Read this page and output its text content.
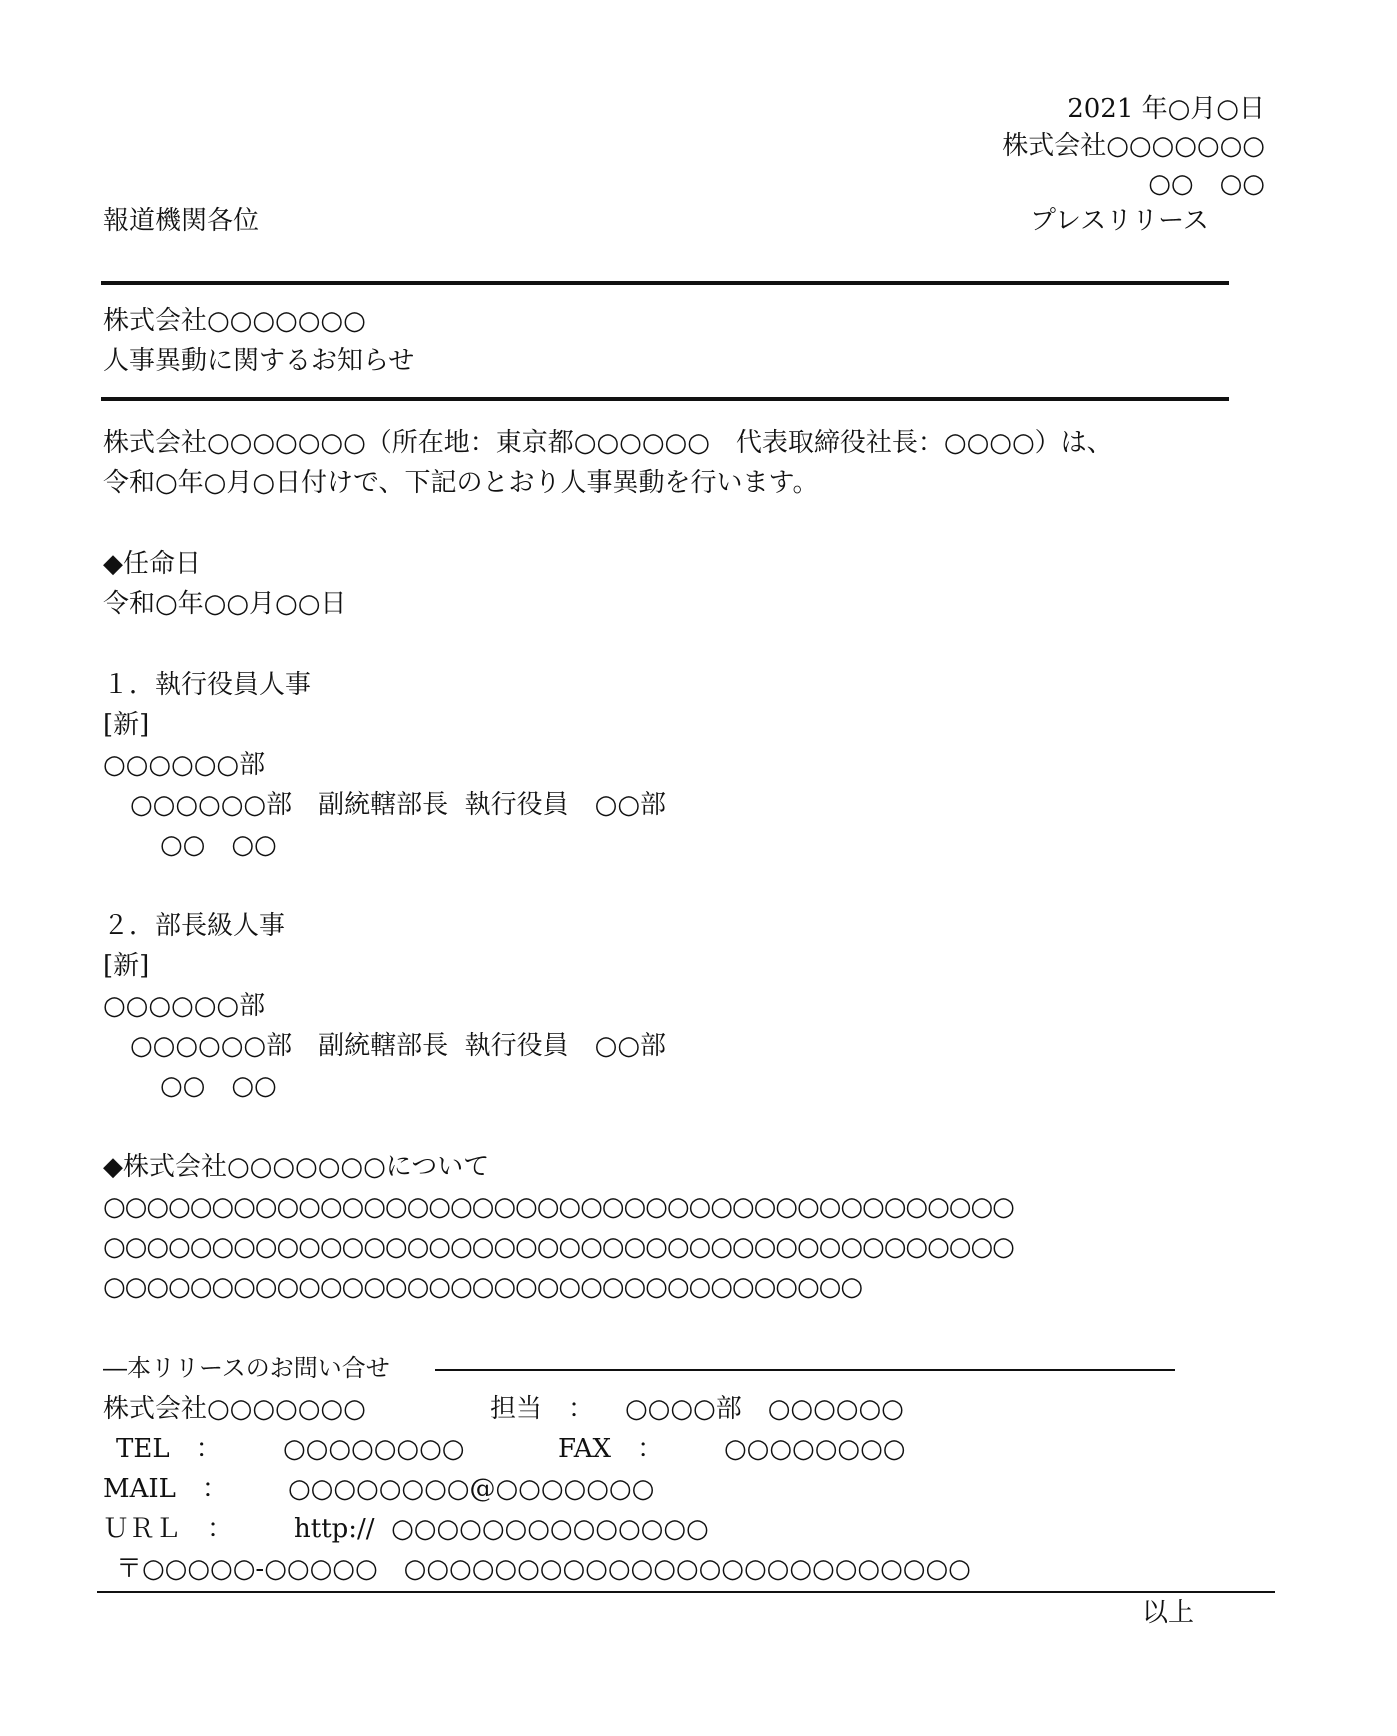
2021 年○月○日
株式会社○○○○○○○
○○　○○
報道機関各位	プレスリリース
株式会社○○○○○○○
人事異動に関するお知らせ
株式会社○○○○○○○（所在地：東京都○○○○○○　代表取締役社長：○○○○）は、
令和○年○月○日付けで、下記のとおり人事異動を行います。
◆任命日
令和○年○○月○○日
１．執行役員人事
[新]
○○○○○○部
○○○○○○部　副統轄部長  執行役員　○○部
○○　○○
２．部長級人事
[新]
○○○○○○部
○○○○○○部　副統轄部長  執行役員　○○部
○○　○○
◆株式会社○○○○○○○について
○○○○○○○○○○○○○○○○○○○○○○○○○○○○○○○○○○○○○○○○○○
○○○○○○○○○○○○○○○○○○○○○○○○○○○○○○○○○○○○○○○○○○
○○○○○○○○○○○○○○○○○○○○○○○○○○○○○○○○○○○
―本リリースのお問い合せ
株式会社○○○○○○○	担当　： ○○○○部　○○○○○○
TEL　： ○○○○○○○○	FAX　： ○○○○○○○○
MAIL　： ○○○○○○○○@○○○○○○○
ＵＲＬ　： http://  ○○○○○○○○○○○○○○
〒○○○○○-○○○○○　○○○○○○○○○○○○○○○○○○○○○○○○○
以上
